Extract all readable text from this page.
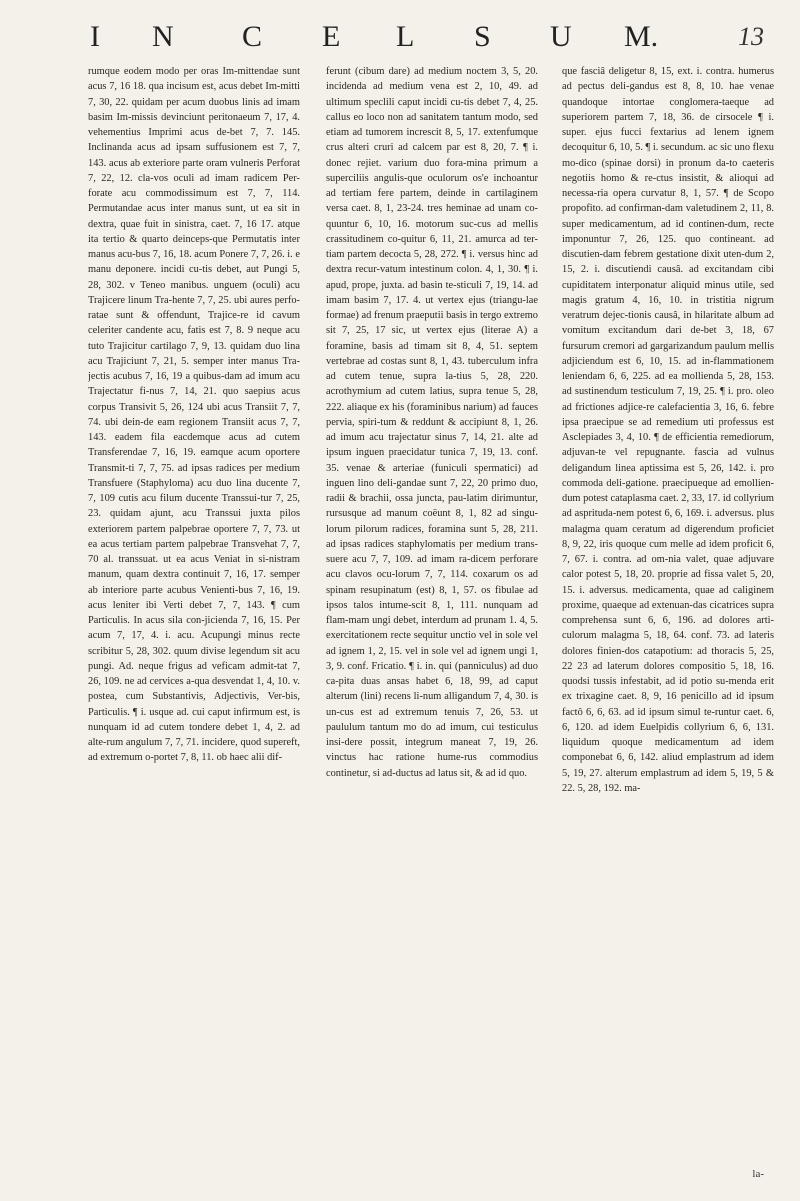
I N C E L S U M.	13
rumque eodem modo per oras Im-mittendae sunt acus 7, 16 18. qua incisum est, acus debet Im-mitti 7, 30, 22. quidam per acum duobus linis ad imam basim Im-missis devinciunt peritonaeum 7, 17, 4. vehementius Imprimi acus de-bet 7, 7. 145. Inclinanda acus ad ipsam suffusionem est 7, 7, 143. acus ab exteriore parte oram vulneris Perforat 7, 22, 12. cla-vos oculi ad imam radicem Per-forate acu commodissimum est 7, 7, 114. Permutandae acus inter manus sunt, ut ea sit in dextra, quae fuit in sinistra, caet. 7, 16 17. atque ita tertio & quarto deinceps-que Permutatis inter manus acu-bus 7, 16, 18. acum Ponere 7, 7, 26. i. e manu deponere. incidi cu-tis debet, aut Pungi 5, 28, 302. v Teneo manibus. unguem (oculi) acu Trajicere linum Tra-hente 7, 7, 25. ubi aures perfo-ratae sunt & offendunt, Trajice-re id cavum celeriter candente acu, fatis est 7, 8. 9 neque acu tuto Trajicitur cartilago 7, 9, 13. quidam duo lina acu Trajiciunt 7, 21, 5. semper inter manus Tra-jectis acubus 7, 16, 19 a quibus-dam ad imum acu Trajectatur fi-nus 7, 14, 21. quo saepius acus corpus Transivit 5, 26, 124 ubi acus Transiit 7, 7, 74. ubi dein-de eam regionem Transiit acus 7, 7, 143. eadem fila eacdemque acus ad cutem Transferendae 7, 16, 19. eamque acum oportere Transmit-ti 7, 7, 75. ad ipsas radices per medium Transfuere (Staphyloma) acu duo lina ducente 7, 7, 109 cutis acu filum ducente Transsui-tur 7, 25, 23. quidam ajunt, acu Transsui juxta pilos exteriorem partem palpebrae oportere 7, 7, 73. ut ea acus tertiam partem palpebrae Transvehat 7, 7, 70 al. transsuat. ut ea acus Veniat in si-nistram manum, quam dextra continuit 7, 16, 17. semper ab interiore parte acubus Venienti-bus 7, 16, 19. acus leniter ibi Verti debet 7, 7, 143. ¶ cum Particulis. In acus sila con-jicienda 7, 16, 15. Per acum 7, 17, 4. i. acu. Acupungi minus recte scribitur 5, 28, 302. quum divise legendum sit acu pungi. Ad. neque frigus ad veficam admit-tat 7, 26, 109. ne ad cervices a-qua desvendat 1, 4, 10. v. postea, cum Substantivis, Adjectivis, Ver-bis, Particulis. ¶ i. usque ad. cui caput infirmum est, is nunquam id ad cutem tondere debet 1, 4, 2. ad alte-rum angulum 7, 7, 71. incidere, quod supereft, ad extremum o-portet 7, 8, 11. ob haec alii dif-
ferunt (cibum dare) ad medium noctem 3, 5, 20. incidenda ad medium vena est 2, 10, 49. ad ultimum speclili caput incidi cu-tis debet 7, 4, 25. callus eo loco non ad sanitatem tantum modo, sed etiam ad tumorem increscit 8, 5, 17. extenfumque crus alteri cruri ad calcem par est 8, 20, 7. ¶ i. donec rejiet. varium duo fora-mina primum a superciliis angulis-que oculorum os'e inchoantur ad tertiam fere partem, deinde in cartilaginem versa caet. 8, 1, 23-24. tres heminae ad unam co-quuntur 6, 10, 16. motorum suc-cus ad mellis crassitudinem co-quitur 6, 11, 21. amurca ad ter-tiam partem decocta 5, 28, 272. ¶ i. versus hinc ad dextra recur-vatum intestinum colon. 4, 1, 30. ¶ i. apud, prope, juxta. ad basin te-sticuli 7, 19, 14. ad imam basim 7, 17. 4. ut vertex ejus (triangu-lae formae) ad frenum praeputii basis in tergo extremo sit 7, 25, 17 sic, ut vertex ejus (literae A) a foramine, basis ad timam sit 8, 4, 51. septem vertebrae ad costas sunt 8, 1, 43. tuberculum infra ad cutem tenue, supra la-tius 5, 28, 220. acrothymium ad cutem latius, supra tenue 5, 28, 222. aliaque ex his (foraminibus narium) ad fauces pervia, spiri-tum & reddunt & accipiunt 8, 1, 26. ad imum acu trajectatur sinus 7, 14, 21. alte ad ipsum inguen praecidatur tunica 7, 19, 13. conf. 35. venae & arteriae (funiculi spermatici) ad inguen lino deli-gandae sunt 7, 22, 20 primo duo, radii & brachii, ossa juncta, pau-latim dirimuntur, rursusque ad manum coëunt 8, 1, 82 ad singu-lorum pilorum radices, foramina sunt 5, 28, 211. ad ipsas radices staphylomatis per medium trans-suere acu 7, 7, 109. ad imam ra-dicem perforare acu clavos ocu-lorum 7, 7, 114. coxarum os ad spinam resupinatum (est) 8, 1, 57. os fibulae ad ipsos talos intume-scit 8, 1, 111. nunquam ad flam-mam ungi debet, interdum ad prunam 1. 4, 5. exercitationem recte sequitur unctio vel in sole vel ad ignem 1, 2, 15. vel in sole vel ad ignem ungi 1, 3, 9. conf. Fricatio. ¶ i. in. qui (panniculus) ad duo ca-pita duas ansas habet 6, 18, 99, ad caput alterum (lini) recens li-num alligandum 7, 4, 30. is un-cus est ad extremum tenuis 7, 26, 53. ut paululum tantum mo do ad imum, cui testiculus insi-dere possit, integrum maneat 7, 19, 26. vinctus hac ratione hume-rus commodius continetur, si ad-ductus ad latus sit, & ad id quo.
que fasciâ deligetur 8, 15, ext. i. contra. humerus ad pectus deli-gandus est 8, 8, 10. hae venae quandoque intortae conglomera-taeque ad superiorem partem 7, 18, 36. de cirsocele ¶ i. super. ejus fucci fextarius ad lenem ignem decoquitur 6, 10, 5. ¶ i. secundum. ac sic uno flexu mo-dico (spinae dorsi) in pronum da-to caeteris negotiis homo & re-ctus insistit, & alioqui ad necessa-ria opera curvatur 8, 1, 57. ¶ de Scopo propofito. ad confirman-dam valetudinem 2, 11, 8. super medicamentum, ad id continen-dum, recte imponuntur 7, 26, 125. quo contineant. ad discutien-dam febrem gestatione dixit uten-dum 2, 15, 2. i. discutiendi causâ. ad excitandam cibi cupiditatem interponatur aliquid minus utile, sed magis gratum 4, 16, 10. in tristitia nigrum veratrum dejec-tionis causâ, in hilaritate album ad vomitum excitandum dari de-bet 3, 18, 67 fursurum cremori ad gargarizandum paulum mellis adjiciendum est 6, 10, 15. ad in-flammationem leniendam 6, 6, 225. ad ea mollienda 5, 28, 153. ad sustinendum testiculum 7, 19, 25. ¶ i. pro. oleo ad frictiones adjice-re calefacientia 3, 16, 6. febre ipsa praecipue se ad remedium uti professus est Asclepiades 3, 4, 10. ¶ de efficientia remediorum, adjuvan-te vel repugnante. fascia ad vulnus deligandum linea aptissima est 5, 26, 142. i. pro commoda deli-gatione. praecipueque ad emollien-dum potest cataplasma caet. 2, 33, 17. id collyrium ad asprituda-nem potest 6, 6, 169. i. adversus. plus malagma quam ceratum ad digerendum proficiet 8, 9, 22, iris quoque cum melle ad idem proficit 6, 7, 67. i. contra. ad om-nia valet, quae adjuvare calor potest 5, 18, 20. proprie ad fissa valet 5, 20, 15. i. adversus. medicamenta, quae ad caliginem proxime, quaeque ad extenuan-das cicatrices supra comprehensa sunt 6, 6, 196. ad dolores arti-culorum malagma 5, 18, 64. conf. 73. ad lateris dolores finien-dos catapotium: ad thoracis 5, 25, 22 23 ad laterum dolores compositio 5, 18, 16. quodsi tussis infestabit, ad id potio su-menda erit ex trixagine caet. 8, 9, 16 penicillo ad id ipsum factô 6, 6, 63. ad id ipsum simul te-runtur caet. 6, 6, 120. ad idem Euelpidis collyrium 6, 6, 131. liquidum quoque medicamentum ad idem componebat 6, 6, 142. aliud emplastrum ad idem 5, 19, 27. alterum emplastrum ad idem 5, 19, 5 & 22. 5, 28, 192. ma-
la-
